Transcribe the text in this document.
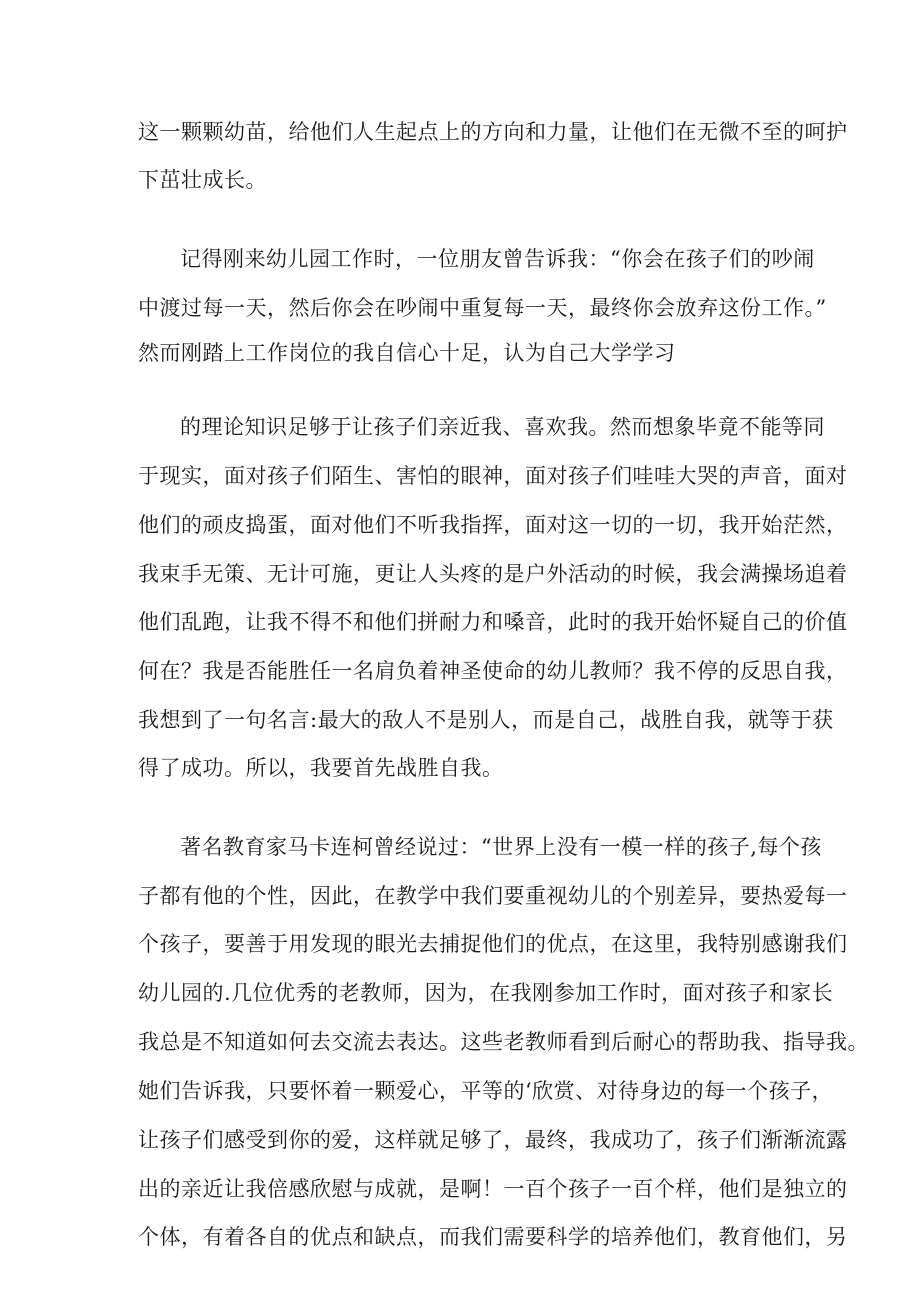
这一颗颗幼苗，给他们人生起点上的方向和力量，让他们在无微不至的呵护
下茁壮成长。
记得刚来幼儿园工作时，一位朋友曾告诉我：“你会在孩子们的吵闹
中渡过每一天，然后你会在吵闹中重复每一天，最终你会放弃这份工作。”
然而刚踏上工作岗位的我自信心十足，认为自己大学学习
的理论知识足够于让孩子们亲近我、喜欢我。然而想象毕竟不能等同
于现实，面对孩子们陌生、害怕的眼神，面对孩子们哇哇大哭的声音，面对
他们的顽皮捣蛋，面对他们不听我指挥，面对这一切的一切，我开始茫然，
我束手无策、无计可施，更让人头疼的是户外活动的时候，我会满操场追着
他们乱跑，让我不得不和他们拼耐力和嗓音，此时的我开始怀疑自己的价值
何在？我是否能胜任一名肩负着神圣使命的幼儿教师？我不停的反思自我，
我想到了一句名言:最大的敌人不是别人，而是自己，战胜自我，就等于获
得了成功。所以，我要首先战胜自我。
著名教育家马卡连柯曾经说过：“世界上没有一模一样的孩子,每个孩
子都有他的个性，因此，在教学中我们要重视幼儿的个别差异，要热爱每一
个孩子，要善于用发现的眼光去捕捉他们的优点，在这里，我特别感谢我们
幼儿园的.几位优秀的老教师，因为，在我刚参加工作时，面对孩子和家长
我总是不知道如何去交流去表达。这些老教师看到后耐心的帮助我、指导我。
她们告诉我，只要怀着一颗爱心，平等的‘欣赏、对待身边的每一个孩子，
让孩子们感受到你的爱，这样就足够了，最终，我成功了，孩子们渐渐流露
出的亲近让我倍感欣慰与成就，是啊！一百个孩子一百个样，他们是独立的
个体，有着各自的优点和缺点，而我们需要科学的培养他们，教育他们，另
